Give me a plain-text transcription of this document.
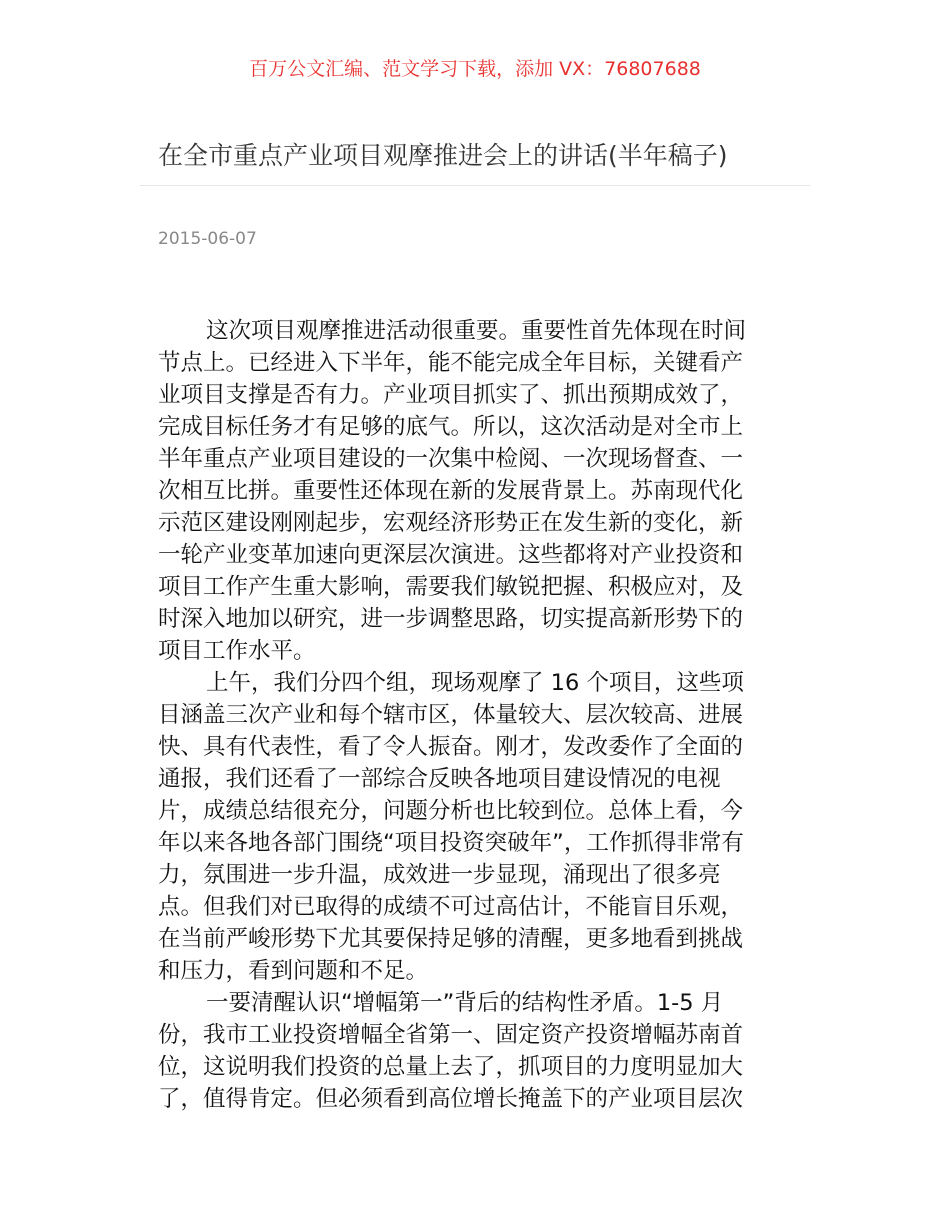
百万公文汇编、范文学习下载，添加 VX：76807688
在全市重点产业项目观摩推进会上的讲话(半年稿子)
2015-06-07
这次项目观摩推进活动很重要。重要性首先体现在时间
节点上。已经进入下半年，能不能完成全年目标，关键看产
业项目支撑是否有力。产业项目抓实了、抓出预期成效了，
完成目标任务才有足够的底气。所以，这次活动是对全市上
半年重点产业项目建设的一次集中检阅、一次现场督查、一
次相互比拼。重要性还体现在新的发展背景上。苏南现代化
示范区建设刚刚起步，宏观经济形势正在发生新的变化，新
一轮产业变革加速向更深层次演进。这些都将对产业投资和
项目工作产生重大影响，需要我们敏锐把握、积极应对，及
时深入地加以研究，进一步调整思路，切实提高新形势下的
项目工作水平。
上午，我们分四个组，现场观摩了 16 个项目，这些项
目涵盖三次产业和每个辖市区，体量较大、层次较高、进展
快、具有代表性，看了令人振奋。刚才，发改委作了全面的
通报，我们还看了一部综合反映各地项目建设情况的电视
片，成绩总结很充分，问题分析也比较到位。总体上看，今
年以来各地各部门围绕“项目投资突破年”，工作抓得非常有
力，氛围进一步升温，成效进一步显现，涌现出了很多亮
点。但我们对已取得的成绩不可过高估计，不能盲目乐观，
在当前严峻形势下尤其要保持足够的清醒，更多地看到挑战
和压力，看到问题和不足。
一要清醒认识“增幅第一”背后的结构性矛盾。1-5 月
份，我市工业投资增幅全省第一、固定资产投资增幅苏南首
位，这说明我们投资的总量上去了，抓项目的力度明显加大
了，值得肯定。但必须看到高位增长掩盖下的产业项目层次
